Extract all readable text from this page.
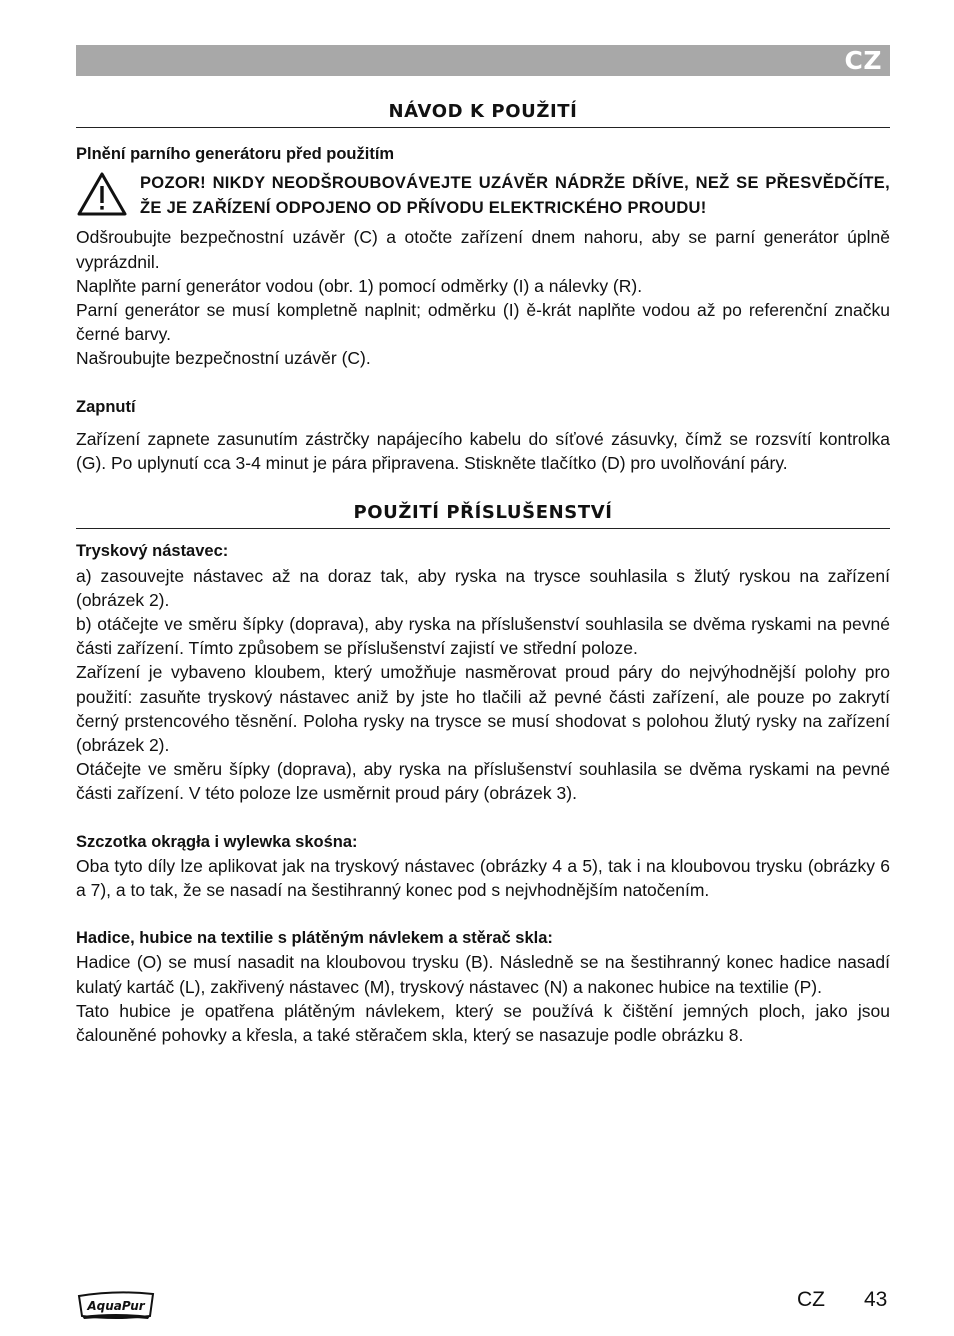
CZ
NÁVOD K POUŽITÍ
Plnění parního generátoru před použitím
POZOR! NIKDY NEODŠROUBOVÁVEJTE UZÁVĚR NÁDRŽE DŘÍVE, NEŽ SE PŘESVĚDČÍTE, ŽE JE ZAŘÍZENÍ ODPOJENO OD PŘÍVODU ELEKTRICKÉHO PROUDU!

Odšroubujte bezpečnostní uzávěr (C) a otočte zařízení dnem nahoru, aby se parní generátor úplně vyprázdnil.

Naplňte parní generátor vodou (obr. 1) pomocí odměrky (I) a nálevky (R).

Parní generátor se musí kompletně naplnit; odměrku (I) ě-krát naplňte vodou až po referenční značku černé barvy.

Našroubujte bezpečnostní uzávěr (C).

Zapnutí

Zařízení zapnete zasunutím zástrčky napájecího kabelu do síťové zásuvky, čímž se rozsvítí kontrolka (G). Po uplynutí cca 3-4 minut je pára připravena. Stiskněte tlačítko (D) pro uvolňování páry.

POUŽITÍ PŘÍSLUŠENSTVÍ
Tryskový nástavec:

a) zasouvejte nástavec až na doraz tak, aby ryska na trysce souhlasila s žlutý ryskou na zařízení (obrázek 2).

b) otáčejte ve směru šípky (doprava), aby ryska na příslušenství souhlasila se dvěma ryskami na pevné části zařízení. Tímto způsobem se příslušenství zajistí ve střední poloze.

Zařízení je vybaveno kloubem, který umožňuje nasměrovat proud páry do nejvýhodnější polohy pro použití: zasuňte tryskový nástavec aniž by jste ho tlačili až pevné části zařízení, ale pouze po zakrytí černý prstencového těsnění. Poloha rysky na trysce se musí shodovat s polohou žlutý rysky na zařízení (obrázek 2).

Otáčejte ve směru šípky (doprava), aby ryska na příslušenství souhlasila se dvěma ryskami na pevné části zařízení. V této poloze lze usměrnit proud páry (obrázek 3).

Szczotka okrągła i wylewka skośna:

Oba tyto díly lze aplikovat jak na tryskový nástavec (obrázky 4 a 5), tak i na kloubovou trysku (obrázky 6 a 7), a to tak, že se nasadí na šestihranný konec pod s nejvhodnějším natočením.

Hadice, hubice na textilie s plátěným návlekem a stěrač skla:

Hadice (O) se musí nasadit na kloubovou trysku (B). Následně se na šestihranný konec hadice nasadí kulatý kartáč (L), zakřivený nástavec (M), tryskový nástavec (N) a nakonec hubice na textilie (P).

Tato hubice je opatřena plátěným návlekem, který se používá k čištění jemných ploch, jako jsou čalouněné pohovky a křesla, a také stěračem skla, který se nasazuje podle obrázku 8.

AquaPur	CZ 43
